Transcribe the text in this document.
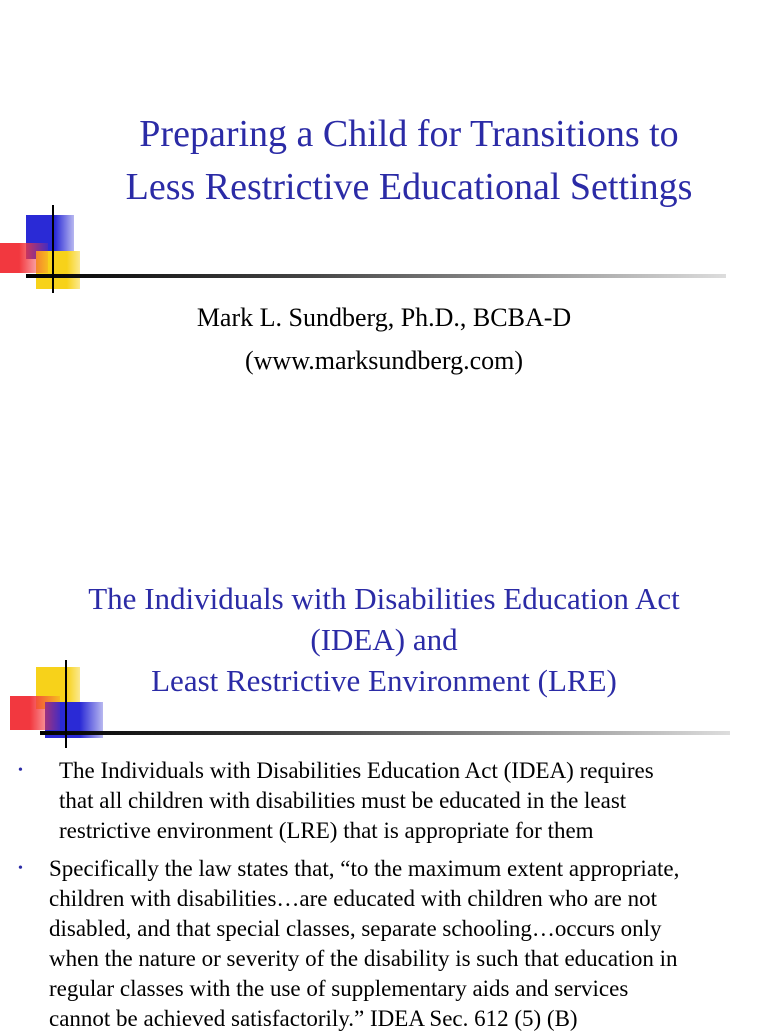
Preparing a Child for Transitions to
Less Restrictive Educational Settings
Mark L. Sundberg, Ph.D., BCBA-D
(www.marksundberg.com)
The Individuals with Disabilities Education Act
(IDEA) and
Least Restrictive Environment (LRE)
•	The Individuals with Disabilities Education Act (IDEA) requires
that all children with disabilities must be educated in the least
restrictive environment (LRE) that is appropriate for them
•	Specifically the law states that, “to the maximum extent appropriate,
children with disabilities…are educated with children who are not
disabled, and that special classes, separate schooling…occurs only
when the nature or severity of the disability is such that education in
regular classes with the use of supplementary aids and services
cannot be achieved satisfactorily.” IDEA Sec. 612 (5) (B)
